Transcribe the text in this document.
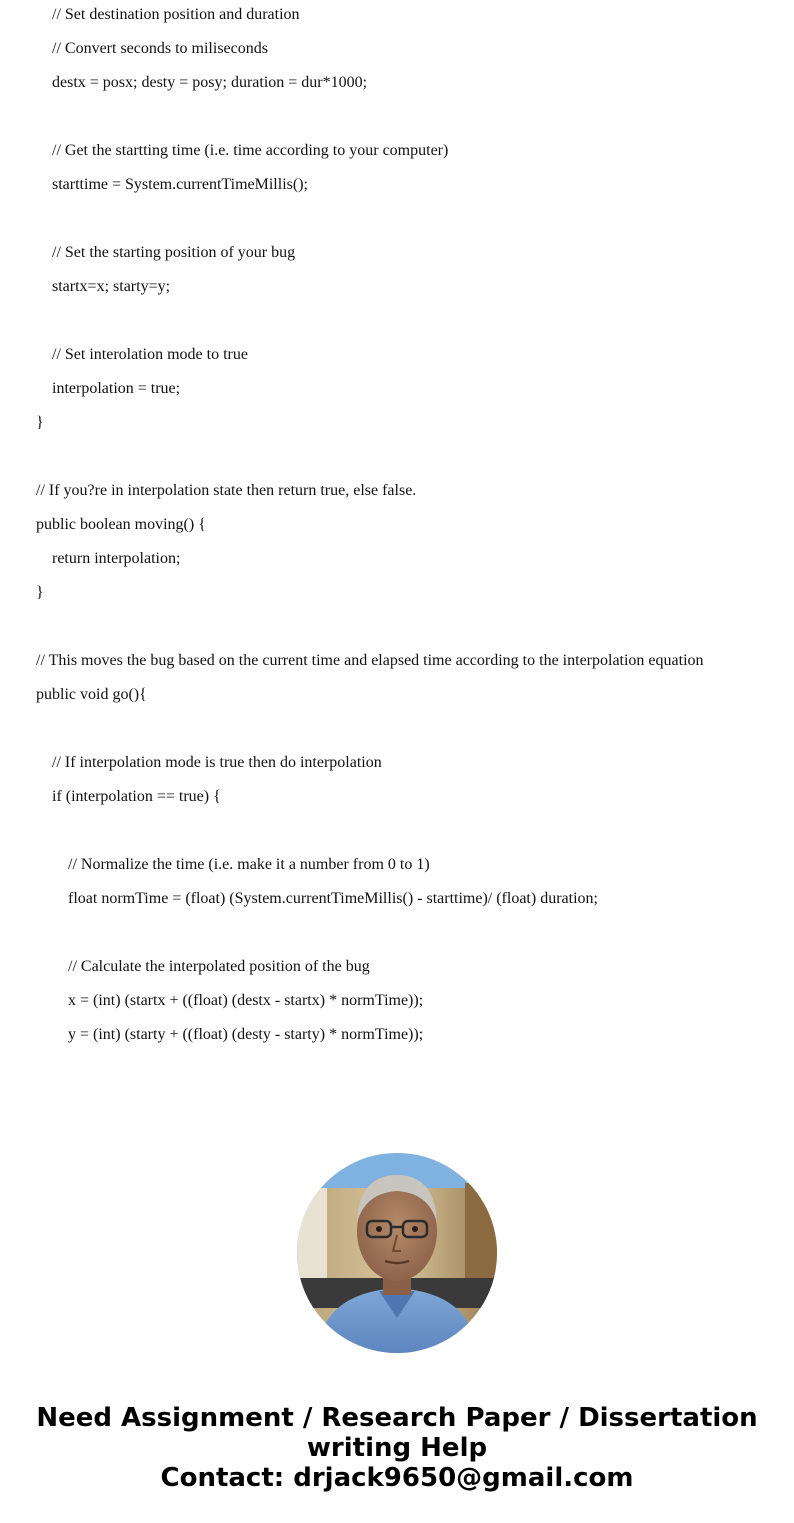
// Set destination position and duration
// Convert seconds to miliseconds
destx = posx; desty = posy; duration = dur*1000;
// Get the startting time (i.e. time according to your computer)
starttime = System.currentTimeMillis();
// Set the starting position of your bug
startx=x; starty=y;
// Set interolation mode to true
interpolation = true;
}
// If you?re in interpolation state then return true, else false.
public boolean moving() {
return interpolation;
}
// This moves the bug based on the current time and elapsed time according to the interpolation equation
public void go(){
// If interpolation mode is true then do interpolation
if (interpolation == true) {
// Normalize the time (i.e. make it a number from 0 to 1)
float normTime = (float) (System.currentTimeMillis() - starttime)/ (float) duration;
// Calculate the interpolated position of the bug
x = (int) (startx + ((float) (destx - startx) * normTime));
y = (int) (starty + ((float) (desty - starty) * normTime));
Need Assignment / Research Paper / Dissertation
writing Help
Contact: drjack9650@gmail.com
